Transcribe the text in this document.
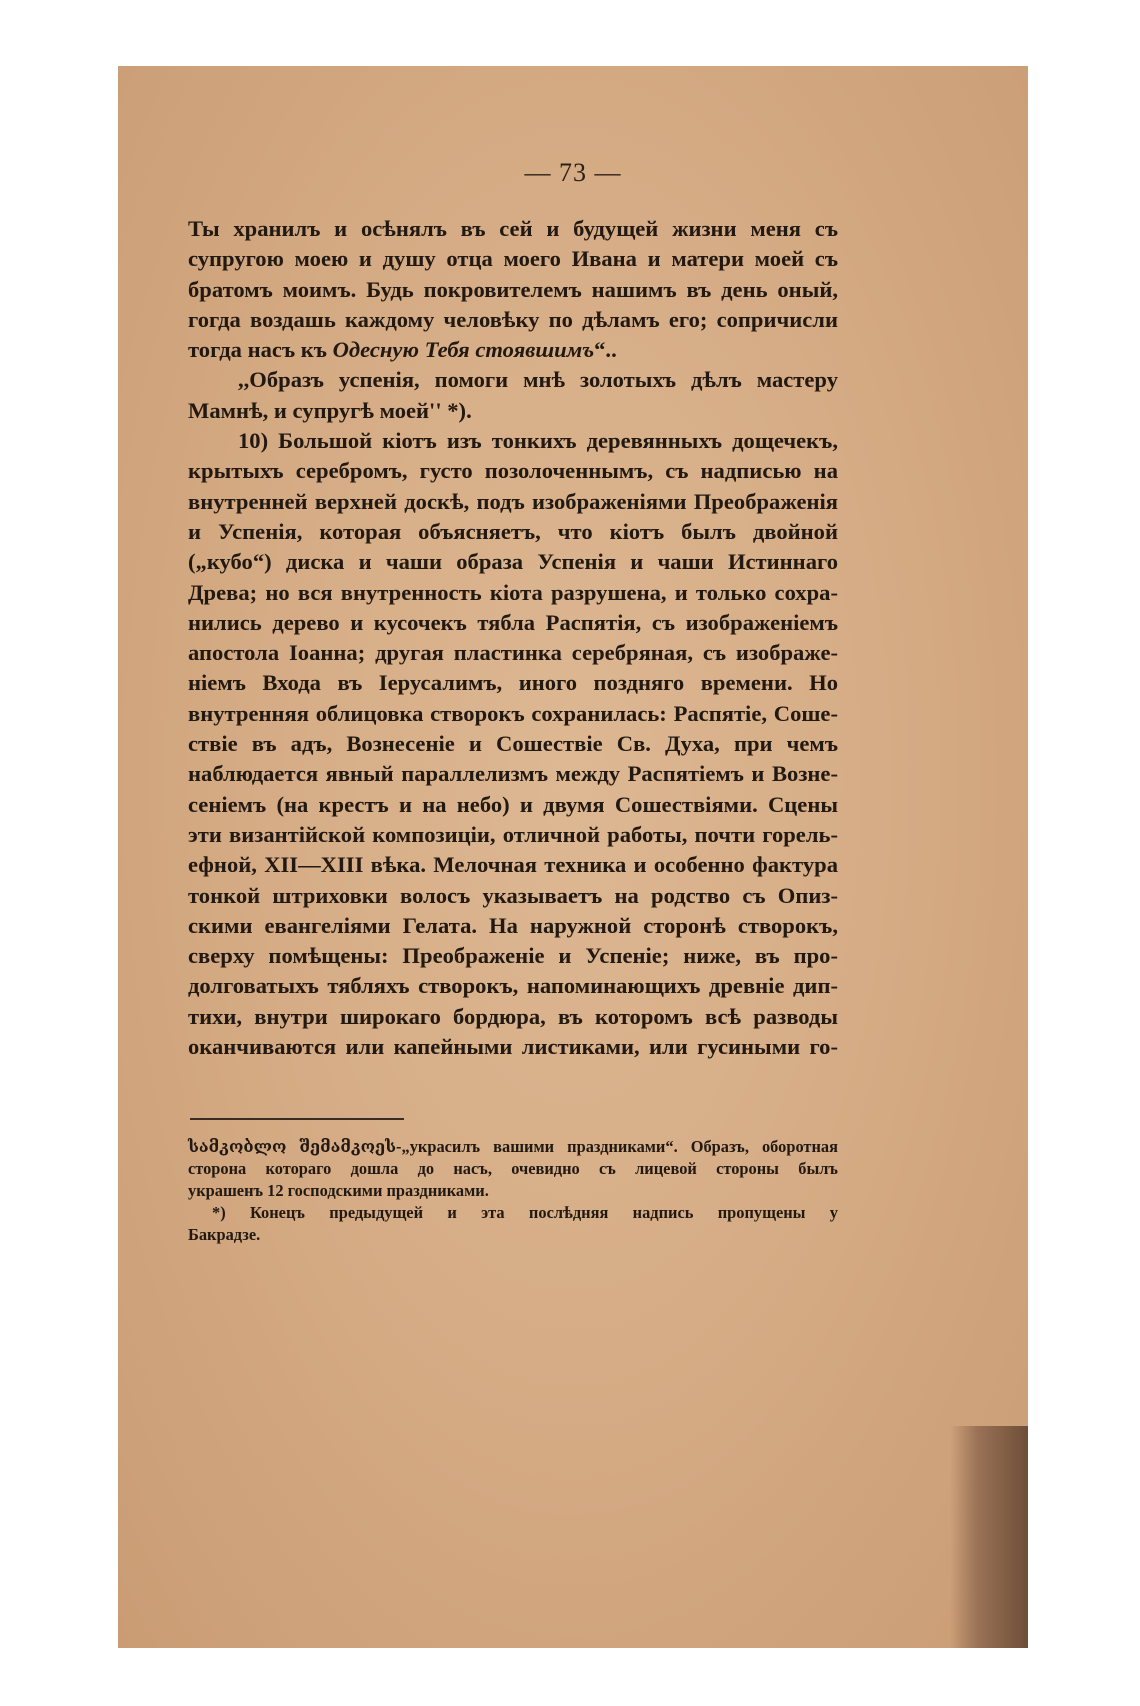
— 73 —
Ты хранилъ и осѣнялъ въ сей и будущей жизни меня съ
супругою моею и душу отца моего Ивана и матери моей съ
братомъ моимъ. Будь покровителемъ нашимъ въ день оный,
гогда воздашь каждому человѣку по дѣламъ его; сопричисли
тогда насъ къ Одесную Тебя стоявшимъ“..
,,Образъ успенія, помоги мнѣ золотыхъ дѣлъ мастеру
Мамнѣ, и супругѣ моей'' *).
10) Большой кіотъ изъ тонкихъ деревянныхъ дощечекъ,
крытыхъ серебромъ, густо позолоченнымъ, съ надписью на
внутренней верхней доскѣ, подъ изображеніями Преображенія
и Успенія, которая объясняетъ, что кіотъ былъ двойной
(„кубо“) диска и чаши образа Успенія и чаши Истиннаго
Древа; но вся внутренность кіота разрушена, и только сохра-
нились дерево и кусочекъ тябла Распятія, съ изображеніемъ
апостола Іоанна; другая пластинка серебряная, съ изображе-
ніемъ Входа въ Іерусалимъ, иного поздняго времени. Но
внутренняя облицовка створокъ сохранилась: Распятіе, Соше-
ствіе въ адъ, Вознесеніе и Сошествіе Св. Духа, при чемъ
наблюдается явный параллелизмъ между Распятіемъ и Возне-
сеніемъ (на крестъ и на небо) и двумя Сошествіями. Сцены
эти византійской композиціи, отличной работы, почти горель-
ефной, XII—XIII вѣка. Мелочная техника и особенно фактура
тонкой штриховки волосъ указываетъ на родство съ Опиз-
скими евангеліями Гелата. На наружной сторонѣ створокъ,
сверху помѣщены: Преображеніе и Успеніе; ниже, въ про-
долговатыхъ тябляхъ створокъ, напоминающихъ древніе дип-
тихи, внутри широкаго бордюра, въ которомъ всѣ разводы
оканчиваются или капейными листиками, или гусиными го-
სამკობლო შემამკოეს-„украсилъ вашими праздниками“. Образъ, оборотная
сторона котораго дошла до насъ, очевидно съ лицевой стороны былъ
украшенъ 12 господскими праздниками.
*) Конецъ предыдущей и эта послѣдняя надпись пропущены у
Бакрадзе.
